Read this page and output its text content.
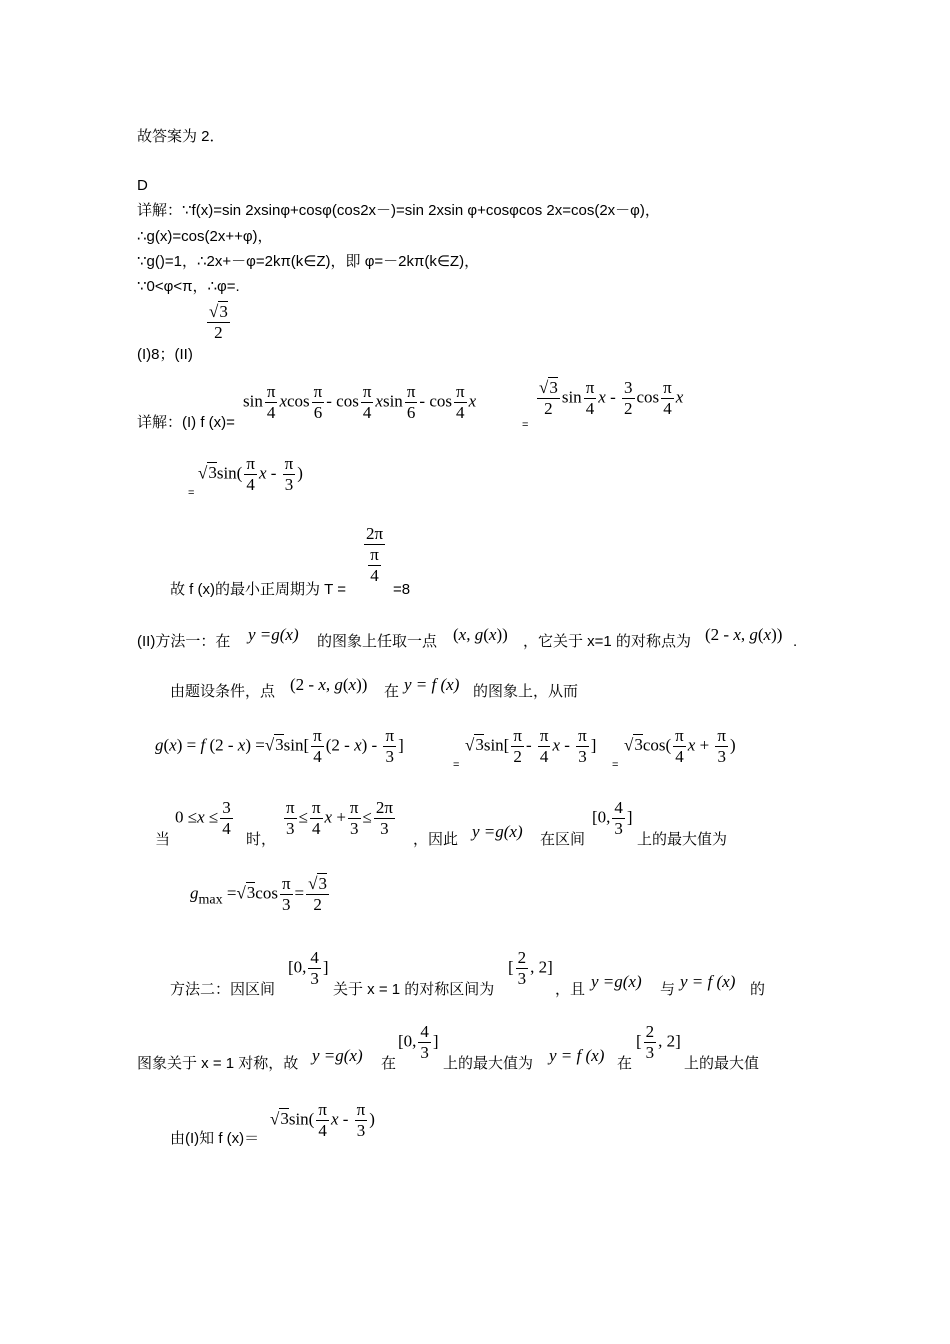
故答案为 2．
D
详解：∵f(x)=sin 2xsinφ+cosφ(cos2x－)=sin 2xsin φ+cosφcos 2x=cos(2x－φ)，
∴g(x)=cos(2x++φ)，
∵g()=1，∴2x+－φ=2kπ(k∈Z)，即 φ=－2kπ(k∈Z)，
∵0<φ<π，∴φ=.
(I)8；(II)
$\frac{√3}{2}$
详解：(I) f (x)=
$\sin \frac{\pi}{4}$ xcos $\frac{\pi}{6}$ - $\cos \frac{\pi}{4}$ xsin $\frac{\pi}{6}$ - $\cos \frac{\pi}{4}$ x
=
$\frac{√3}{2}$ $\sin \frac{\pi}{4}$ x - $\frac{3}{2}$ $\cos \frac{\pi}{4}$ x
=
$√3\sin( \frac{\pi}{4}$ x - $\frac{\pi}{3}$ )
$\frac{2\pi}{\frac{\pi}{4}}$
故 f (x)的最小正周期为 T =	=8
(II)方法一：在 y =g(x) 的图象上任取一点 (x, g(x)) ，它关于 x=1 的对称点为 (2 - x, g(x)) .
由题设条件，点 (2 - x, g(x)) 在 y = f (x) 的图象上，从而
g(x) = f $(2 - x) =√3\sin[ \frac{\pi}{4} (2 - x) - \frac{\pi}{3}$ ]
=
$√3\sin[ \frac{\pi}{2} - \frac{\pi}{4}$ x - $\frac{\pi}{3}$ ]
=
$√3\cos( \frac{\pi}{4}$ $x + \frac{\pi}{3}$ )
当
$0 \le x \le \frac{3}{4}$
时，
$\frac{\pi}{3} \le \frac{\pi}{4}$ $x + \frac{\pi}{3} \le \frac{2\pi}{3}$
，因此 y =g(x) 在区间
[0, $\frac{4}{3}$ ]
上的最大值为
$g_{max} =√3\cos \frac{\pi}{3} = \frac{√3}{2}$
[0, $\frac{4}{3}$ ]
方法二：因区间	关于 x = 1 的对称区间为
[ $\frac{2}{3}$ , 2]
，且 y =g(x) 与 y = f (x) 的
图象关于 x = 1 对称，故 y =g(x) 在
[0, $\frac{4}{3}$ ]
上的最大值为 y = f (x) 在
[ $\frac{2}{3}$ , 2]
上的最大值
由(I)知 f (x)＝
$√3\sin( \frac{\pi}{4}$ x - $\frac{\pi}{3}$ )
